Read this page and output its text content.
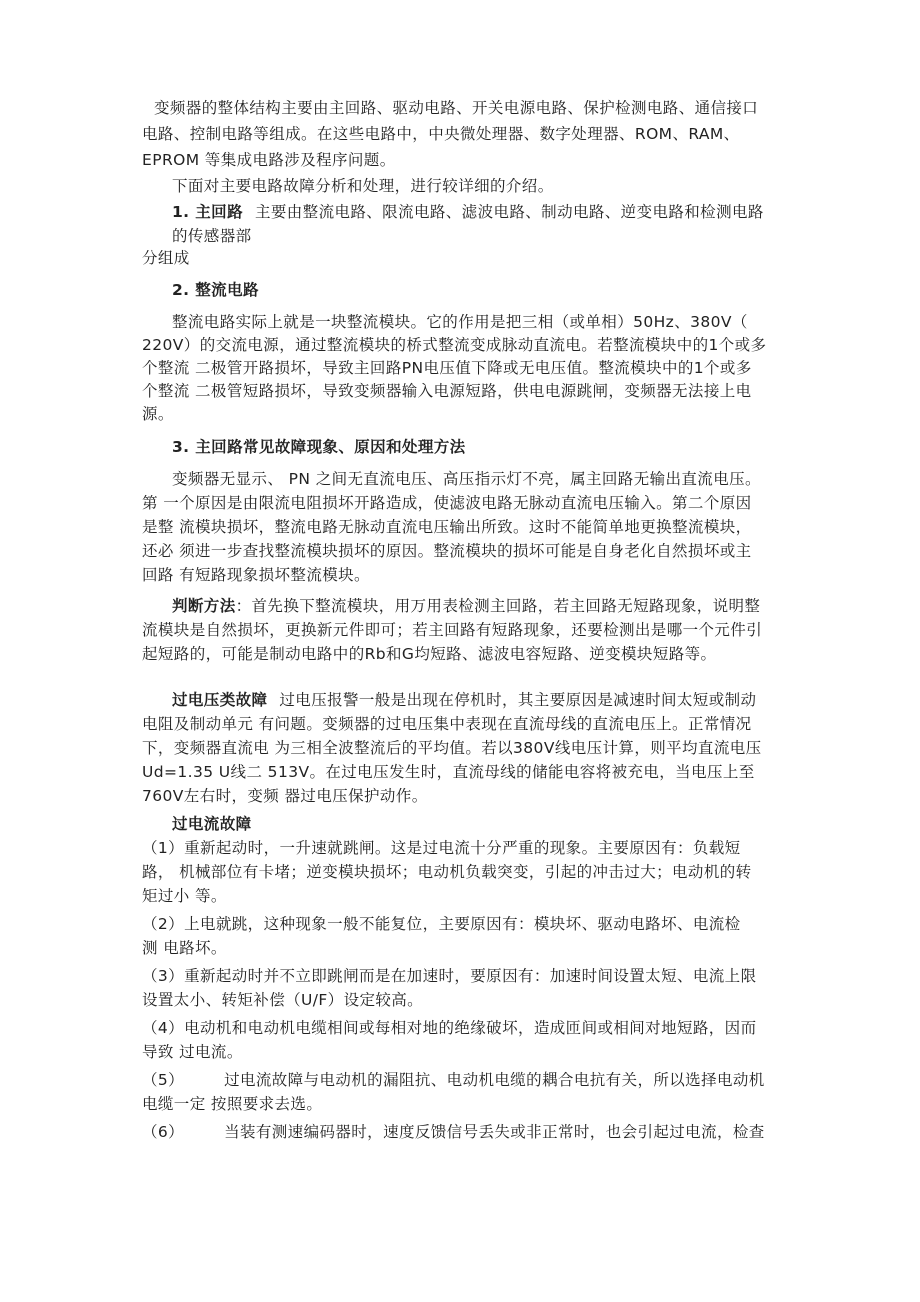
变频器的整体结构主要由主回路、驱动电路、开关电源电路、保护检测电路、通信接口
电路、控制电路等组成。在这些电路中，中央微处理器、数字处理器、ROM、RAM、
EPROM 等集成电路涉及程序问题。
下面对主要电路故障分析和处理，进行较详细的介绍。
1. 主回路 主要由整流电路、限流电路、滤波电路、制动电路、逆变电路和检测电路
的传感器部
分组成
2. 整流电路
整流电路实际上就是一块整流模块。它的作用是把三相（或单相）50Hz、380V（
220V）的交流电源，通过整流模块的桥式整流变成脉动直流电。若整流模块中的1个或多
个整流 二极管开路损坏，导致主回路PN电压值下降或无电压值。整流模块中的1个或多
个整流 二极管短路损坏，导致变频器输入电源短路，供电电源跳闸，变频器无法接上电
源。
3. 主回路常见故障现象、原因和处理方法
变频器无显示、 PN 之间无直流电压、高压指示灯不亮，属主回路无输出直流电压。
第 一个原因是由限流电阻损坏开路造成，使滤波电路无脉动直流电压输入。第二个原因
是整 流模块损坏，整流电路无脉动直流电压输出所致。这时不能简单地更换整流模块，
还必 须进一步查找整流模块损坏的原因。整流模块的损坏可能是自身老化自然损坏或主
回路 有短路现象损坏整流模块。
判断方法：首先换下整流模块，用万用表检测主回路，若主回路无短路现象，说明整
流模块是自然损坏，更换新元件即可；若主回路有短路现象，还要检测出是哪一个元件引
起短路的，可能是制动电路中的Rb和G均短路、滤波电容短路、逆变模块短路等。
过电压类故障 过电压报警一般是出现在停机时，其主要原因是减速时间太短或制动
电阻及制动单元 有问题。变频器的过电压集中表现在直流母线的直流电压上。正常情况
下，变频器直流电 为三相全波整流后的平均值。若以380V线电压计算，则平均直流电压
Ud=1.35 U线二 513V。在过电压发生时，直流母线的储能电容将被充电，当电压上至
760V左右时，变频 器过电压保护动作。
过电流故障
（1）重新起动时，一升速就跳闸。这是过电流十分严重的现象。主要原因有：负载短
路， 机械部位有卡堵；逆变模块损坏；电动机负载突变，引起的冲击过大；电动机的转
矩过小 等。
（2）上电就跳，这种现象一般不能复位，主要原因有：模块坏、驱动电路坏、电流检
测 电路坏。
（3）重新起动时并不立即跳闸而是在加速时，要原因有：加速时间设置太短、电流上限
设置太小、转矩补偿（U/F）设定较高。
（4）电动机和电动机电缆相间或每相对地的绝缘破坏，造成匝间或相间对地短路，因而
导致 过电流。
（5）	过电流故障与电动机的漏阻抗、电动机电缆的耦合电抗有关，所以选择电动机
电缆一定 按照要求去选。
（6）	当装有测速编码器时，速度反馈信号丢失或非正常时，也会引起过电流，检查
